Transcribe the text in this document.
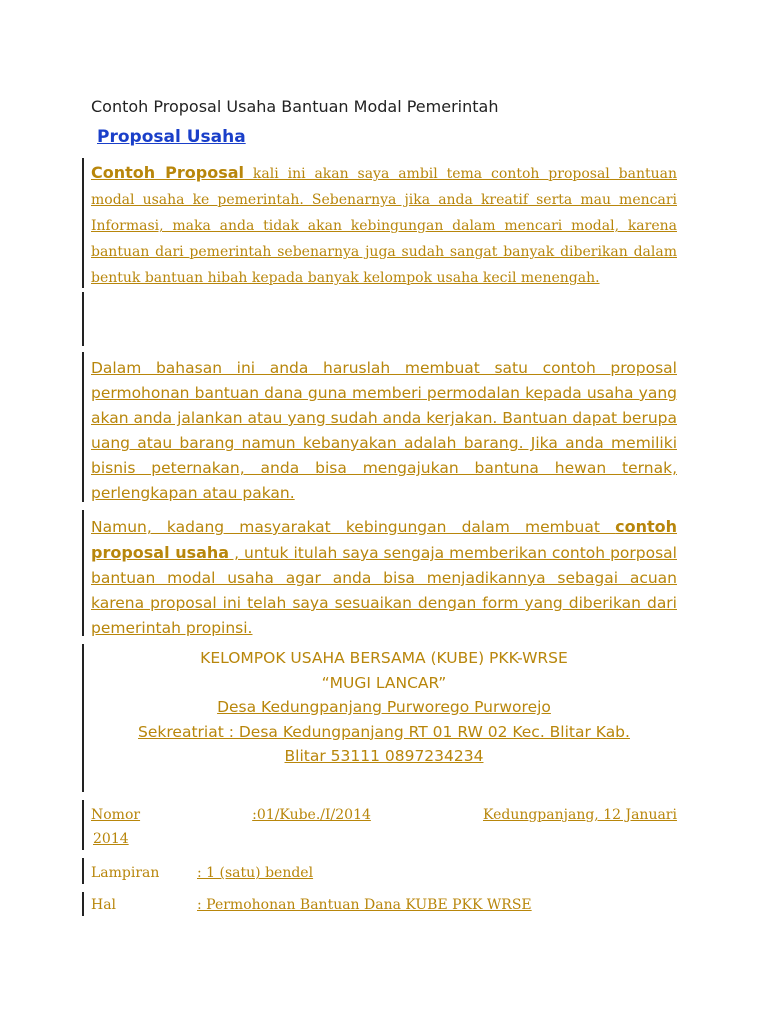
Contoh Proposal Usaha Bantuan Modal Pemerintah
Proposal Usaha
Contoh Proposal kali ini akan saya ambil tema contoh proposal bantuan modal usaha ke pemerintah. Sebenarnya jika anda kreatif serta mau mencari Informasi, maka anda tidak akan kebingungan dalam mencari modal, karena bantuan dari pemerintah sebenarnya juga sudah sangat banyak diberikan dalam bentuk bantuan hibah kepada banyak kelompok usaha kecil menengah.
Dalam bahasan ini anda haruslah membuat satu contoh proposal permohonan bantuan dana guna memberi permodalan kepada usaha yang akan anda jalankan atau yang sudah anda kerjakan. Bantuan dapat berupa uang atau barang namun kebanyakan adalah barang. Jika anda memiliki bisnis peternakan, anda bisa mengajukan bantuna hewan ternak, perlengkapan atau pakan.
Namun, kadang masyarakat kebingungan dalam membuat contoh proposal usaha , untuk itulah saya sengaja memberikan contoh porposal bantuan modal usaha agar anda bisa menjadikannya sebagai acuan karena proposal ini telah saya sesuaikan dengan form yang diberikan dari pemerintah propinsi.
KELOMPOK USAHA BERSAMA (KUBE) PKK-WRSE
“MUGI LANCAR”
Desa Kedungpanjang Purworego Purworejo
Sekreatriat : Desa Kedungpanjang RT 01 RW 02 Kec. Blitar Kab.
Blitar 53111 0897234234
Nomor	:01/Kube./I/2014	Kedungpanjang, 12 Januari
2014
Lampiran	: 1 (satu) bendel
Hal	: Permohonan Bantuan Dana KUBE PKK WRSE
